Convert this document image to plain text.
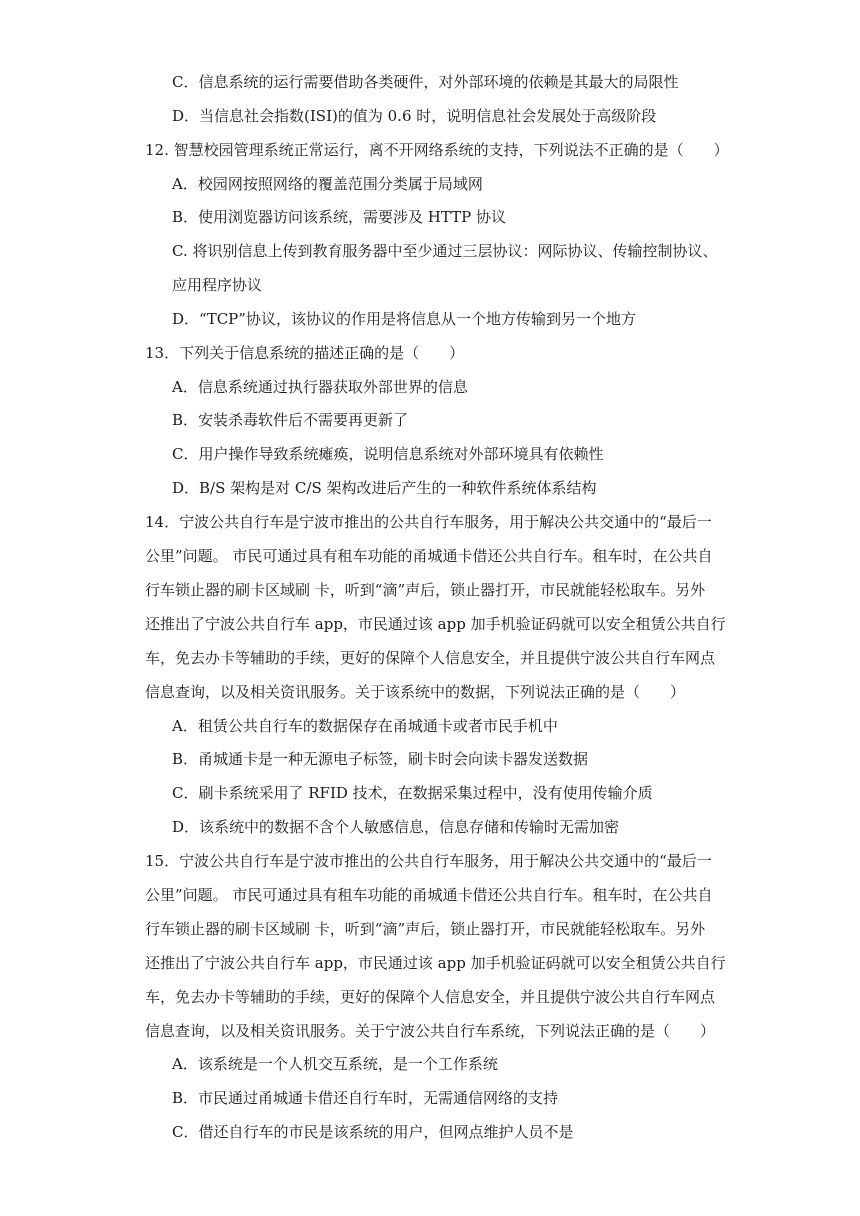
C．信息系统的运行需要借助各类硬件，对外部环境的依赖是其最大的局限性
D．当信息社会指数(ISI)的值为 0.6 时，说明信息社会发展处于高级阶段
12. 智慧校园管理系统正常运行，离不开网络系统的支持，下列说法不正确的是（　　）
A．校园网按照网络的覆盖范围分类属于局域网
B．使用浏览器访问该系统，需要涉及 HTTP 协议
C. 将识别信息上传到教育服务器中至少通过三层协议：网际协议、传输控制协议、
应用程序协议
D．“TCP”协议，该协议的作用是将信息从一个地方传输到另一个地方
13．下列关于信息系统的描述正确的是（　　）
A．信息系统通过执行器获取外部世界的信息
B．安装杀毒软件后不需要再更新了
C．用户操作导致系统瘫痪，说明信息系统对外部环境具有依赖性
D．B/S 架构是对 C/S 架构改进后产生的一种软件系统体系结构
14．宁波公共自行车是宁波市推出的公共自行车服务，用于解决公共交通中的“最后一
公里”问题。 市民可通过具有租车功能的甬城通卡借还公共自行车。租车时，在公共自
行车锁止器的刷卡区域刷 卡，听到“滴”声后，锁止器打开，市民就能轻松取车。另外
还推出了宁波公共自行车 app，市民通过该 app 加手机验证码就可以安全租赁公共自行
车，免去办卡等辅助的手续，更好的保障个人信息安全，并且提供宁波公共自行车网点
信息查询，以及相关资讯服务。关于该系统中的数据，下列说法正确的是（　　）
A．租赁公共自行车的数据保存在甬城通卡或者市民手机中
B．甬城通卡是一种无源电子标签，刷卡时会向读卡器发送数据
C．刷卡系统采用了 RFID 技术，在数据采集过程中，没有使用传输介质
D．该系统中的数据不含个人敏感信息，信息存储和传输时无需加密
15．宁波公共自行车是宁波市推出的公共自行车服务，用于解决公共交通中的“最后一
公里”问题。 市民可通过具有租车功能的甬城通卡借还公共自行车。租车时，在公共自
行车锁止器的刷卡区域刷 卡，听到“滴”声后，锁止器打开，市民就能轻松取车。另外
还推出了宁波公共自行车 app，市民通过该 app 加手机验证码就可以安全租赁公共自行
车，免去办卡等辅助的手续，更好的保障个人信息安全，并且提供宁波公共自行车网点
信息查询，以及相关资讯服务。关于宁波公共自行车系统，下列说法正确的是（　　）
A．该系统是一个人机交互系统，是一个工作系统
B．市民通过甬城通卡借还自行车时，无需通信网络的支持
C．借还自行车的市民是该系统的用户，但网点维护人员不是
